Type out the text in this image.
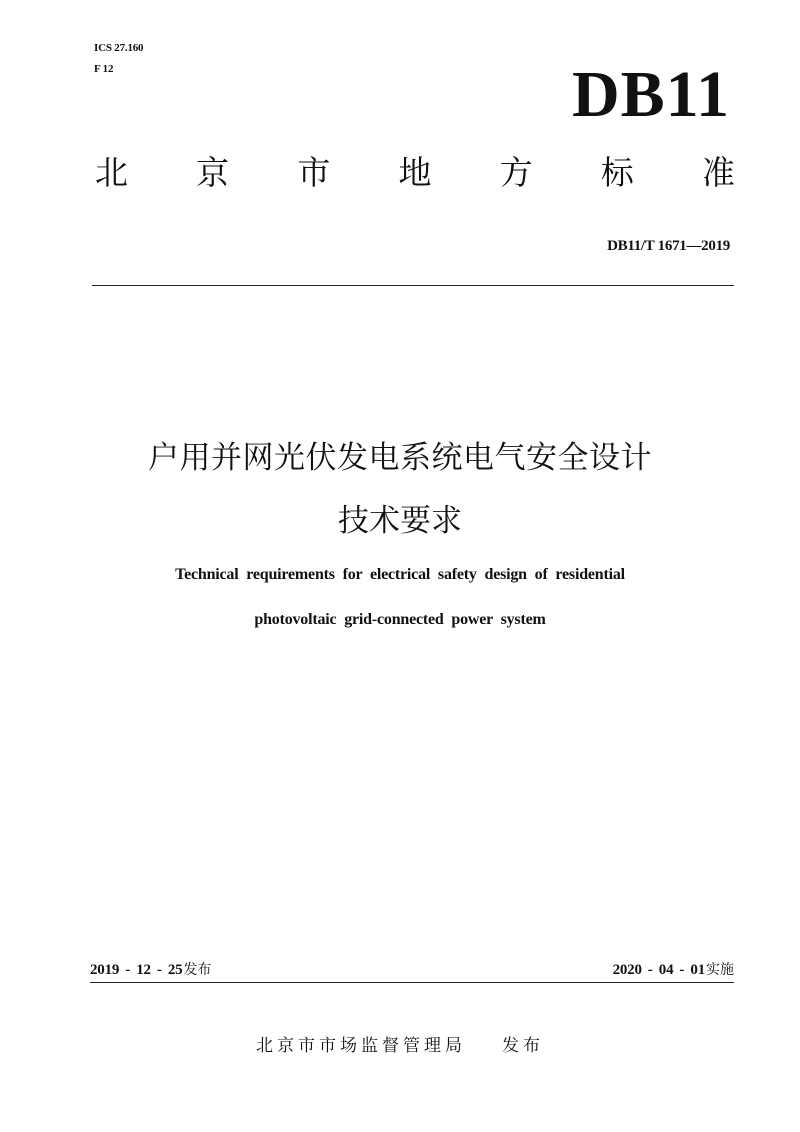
ICS 27.160
F 12	DB11
北 京 市 地 方 标 准
DB11/T 1671—2019
户用并网光伏发电系统电气安全设计
技术要求
Technical requirements for electrical safety design of residential
photovoltaic grid-connected power system
2019 - 12 - 25发布	2020 - 04 - 01实施
北京市市场监督管理局 发布
